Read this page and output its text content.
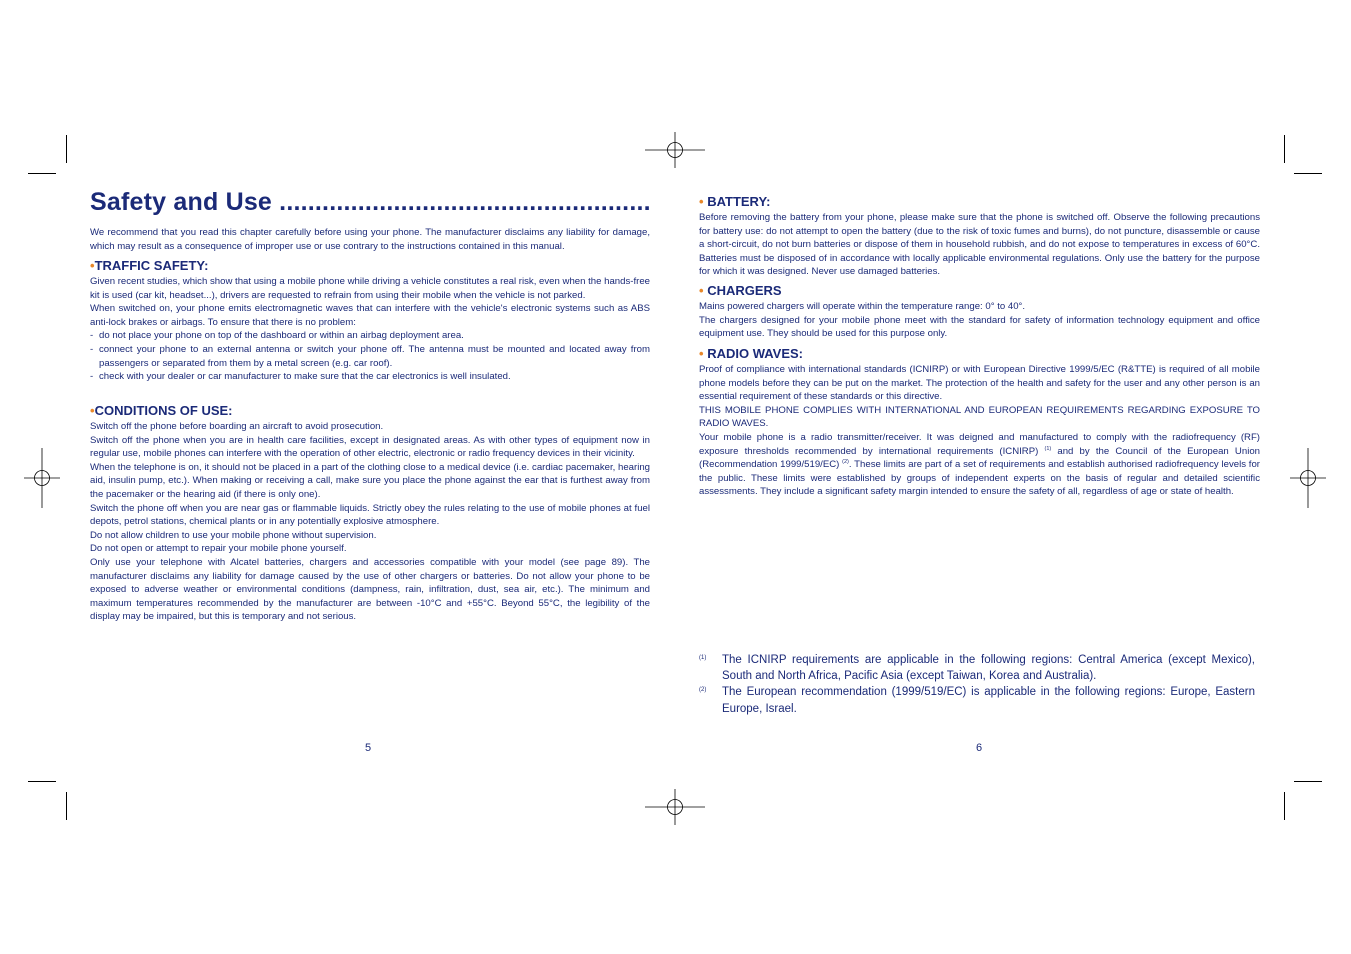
Safety and Use ....................................................

We recommend that you read this chapter carefully before using your phone. The manufacturer disclaims any liability for damage, which may result as a consequence of improper use or use contrary to the instructions contained in this manual.

•TRAFFIC SAFETY:

Given recent studies, which show that using a mobile phone while driving a vehicle constitutes a real risk, even when the hands-free kit is used (car kit, headset...), drivers are requested to refrain from using their mobile when the vehicle is not parked.

When switched on, your phone emits electromagnetic waves that can interfere with the vehicle's electronic systems such as ABS anti-lock brakes or airbags. To ensure that there is no problem:

- do not place your phone on top of the dashboard or within an airbag deployment area.
- connect your phone to an external antenna or switch your phone off. The antenna must be mounted and located away from passengers or separated from them by a metal screen (e.g. car roof).
- check with your dealer or car manufacturer to make sure that the car electronics is well insulated.
•CONDITIONS OF USE:

Switch off the phone before boarding an aircraft to avoid prosecution.

Switch off the phone when you are in health care facilities, except in designated areas. As with other types of equipment now in regular use, mobile phones can interfere with the operation of other electric, electronic or radio frequency devices in their vicinity.

When the telephone is on, it should not be placed in a part of the clothing close to a medical device (i.e. cardiac pacemaker, hearing aid, insulin pump, etc.). When making or receiving a call, make sure you place the phone against the ear that is furthest away from the pacemaker or the hearing aid (if there is only one).

Switch the phone off when you are near gas or flammable liquids. Strictly obey the rules relating to the use of mobile phones at fuel depots, petrol stations, chemical plants or in any potentially explosive atmosphere.

Do not allow children to use your mobile phone without supervision.

Do not open or attempt to repair your mobile phone yourself.

Only use your telephone with Alcatel batteries, chargers and accessories compatible with your model (see page 89). The manufacturer disclaims any liability for damage caused by the use of other chargers or batteries. Do not allow your phone to be exposed to adverse weather or environmental conditions (dampness, rain, infiltration, dust, sea air, etc.). The minimum and maximum temperatures recommended by the manufacturer are between -10°C and +55°C. Beyond 55°C, the legibility of the display may be impaired, but this is temporary and not serious.

5
• BATTERY:

Before removing the battery from your phone, please make sure that the phone is switched off. Observe the following precautions for battery use: do not attempt to open the battery (due to the risk of toxic fumes and burns), do not puncture, disassemble or cause a short-circuit, do not burn batteries or dispose of them in household rubbish, and do not expose to temperatures in excess of 60°C. Batteries must be disposed of in accordance with locally applicable environmental regulations. Only use the battery for the purpose for which it was designed. Never use damaged batteries.

• CHARGERS

Mains powered chargers will operate within the temperature range: 0° to 40°.

The chargers designed for your mobile phone meet with the standard for safety of information technology equipment and office equipment use. They should be used for this purpose only.

• RADIO WAVES:

Proof of compliance with international standards (ICNIRP) or with European Directive 1999/5/EC (R&TTE) is required of all mobile phone models before they can be put on the market. The protection of the health and safety for the user and any other person is an essential requirement of these standards or this directive.

THIS MOBILE PHONE COMPLIES WITH INTERNATIONAL AND EUROPEAN REQUIREMENTS REGARDING EXPOSURE TO RADIO WAVES.

Your mobile phone is a radio transmitter/receiver. It was deigned and manufactured to comply with the radiofrequency (RF) exposure thresholds recommended by international requirements (ICNIRP) $^{(1)}$ and by the Council of the European Union (Recommendation 1999/519/EC) $^{(2)}$. These limits are part of a set of requirements and establish authorised radiofrequency levels for the public. These limits were established by groups of independent experts on the basis of regular and detailed scientific assessments. They include a significant safety margin intended to ensure the safety of all, regardless of age or state of health.

(1) The ICNIRP requirements are applicable in the following regions: Central America (except Mexico), South and North Africa, Pacific Asia (except Taiwan, Korea and Australia).
(2) The European recommendation (1999/519/EC) is applicable in the following regions: Europe, Eastern Europe, Israel.
6
